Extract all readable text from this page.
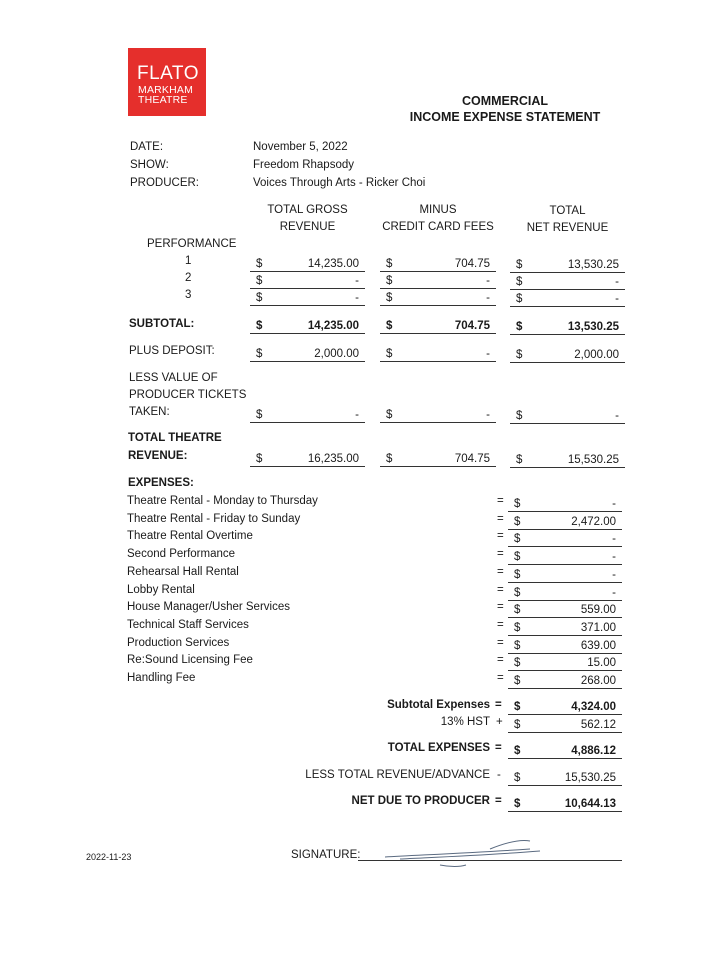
FLATO
MARKHAM
THEATRE	COMMERCIAL
INCOME EXPENSE STATEMENT
DATE:	November 5, 2022
SHOW:	Freedom Rhapsody
PRODUCER:	Voices Through Arts - Ricker Choi
TOTAL GROSS
REVENUE
MINUS
CREDIT CARD FEES
TOTAL
NET REVENUE
PERFORMANCE
1	$	14,235.00 $	704.75 $	13,530.25
2	$	- $	- $	-
3	$	- $	- $	-
SUBTOTAL:	$	14,235.00 $	704.75 $	13,530.25
PLUS DEPOSIT:	$	2,000.00 $	- $	2,000.00
LESS VALUE OF
PRODUCER TICKETS
TAKEN:	$	- $	- $	-
TOTAL THEATRE
REVENUE:	$	16,235.00 $	704.75 $	15,530.25
EXPENSES:
Theatre Rental - Monday to Thursday	= $	-
Theatre Rental - Friday to Sunday	= $	2,472.00
Theatre Rental Overtime	= $	-
Second Performance	= $	-
Rehearsal Hall Rental	= $	-
Lobby Rental	= $	-
House Manager/Usher Services	= $	559.00
Technical Staff Services	= $	371.00
Production Services	= $	639.00
Re:Sound Licensing Fee	= $	15.00
Handling Fee	= $	268.00
Subtotal Expenses = $	4,324.00
13% HST + $	562.12
TOTAL EXPENSES = $	4,886.12
LESS TOTAL REVENUE/ADVANCE - $	15,530.25
NET DUE TO PRODUCER = $	10,644.13
2022-11-23	SIGNATURE:
